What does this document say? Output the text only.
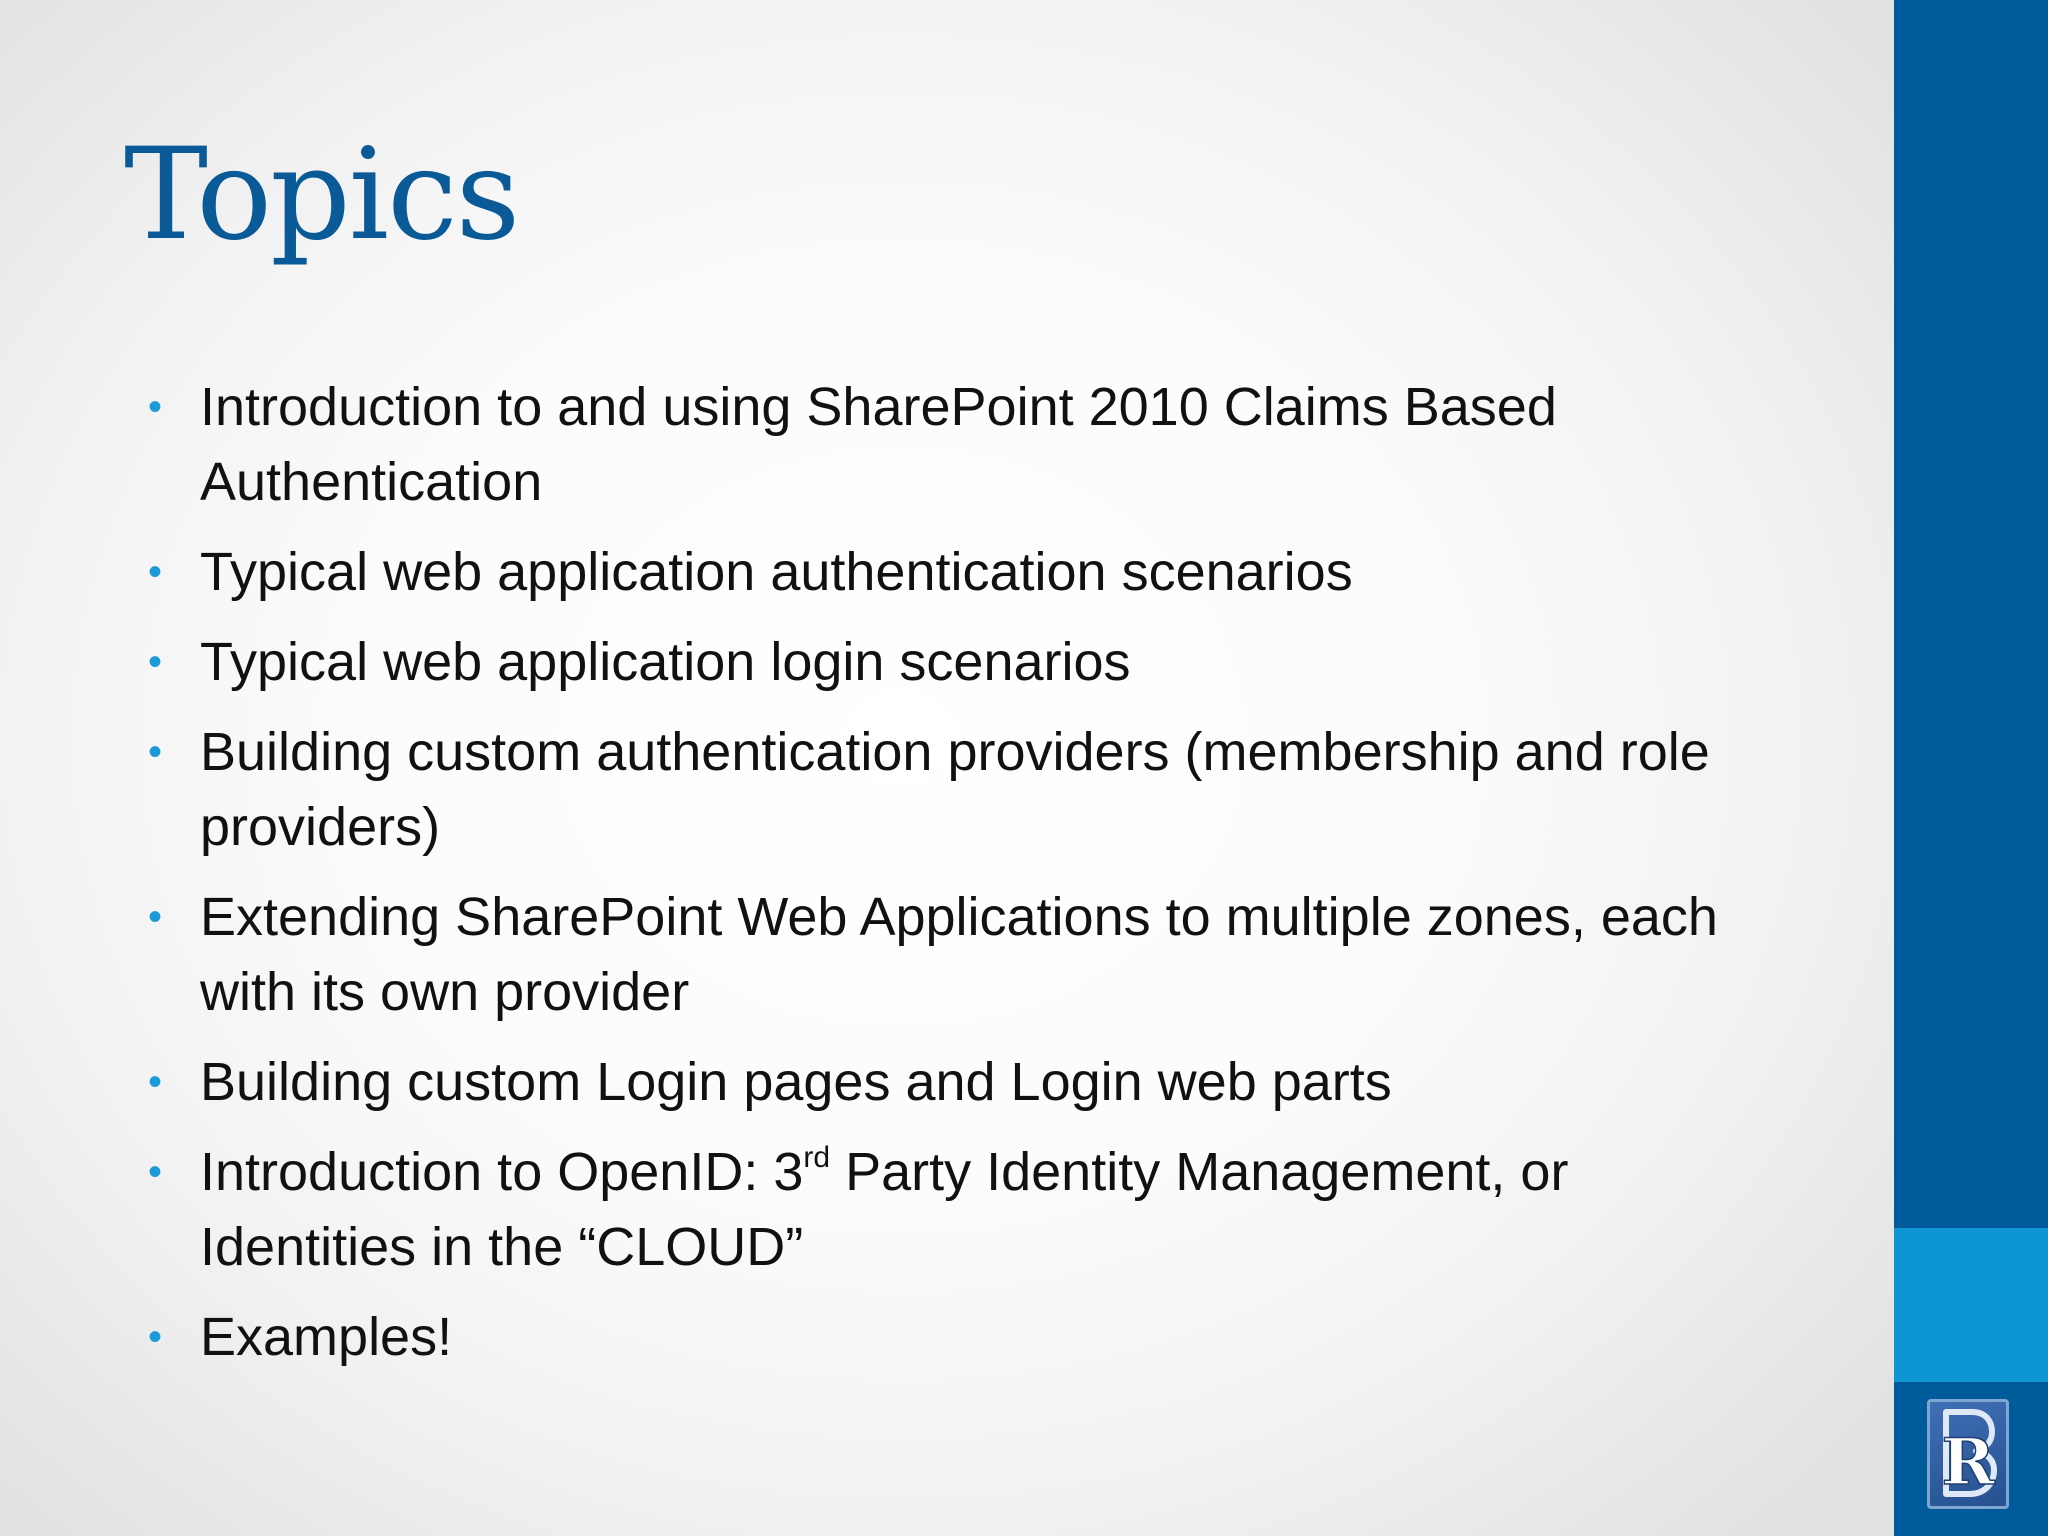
Topics
• Introduction to and using SharePoint 2010 Claims Based Authentication
• Typical web application authentication scenarios
• Typical web application login scenarios
• Building custom authentication providers (membership and role providers)
• Extending SharePoint Web Applications to multiple zones, each with its own provider
• Building custom Login pages and Login web parts
• Introduction to OpenID: 3rd Party Identity Management, or Identities in the “CLOUD”
• Examples!
R
